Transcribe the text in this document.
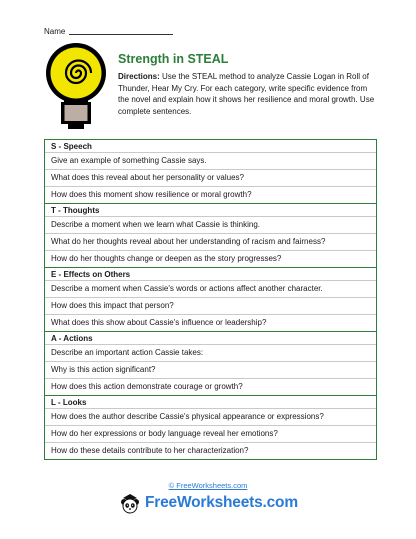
Name
Strength in STEAL
Directions: Use the STEAL method to analyze Cassie Logan in Roll of Thunder, Hear My Cry. For each category, write specific evidence from the novel and explain how it shows her resilience and moral growth. Use complete sentences.
S - Speech
Give an example of something Cassie says.
What does this reveal about her personality or values?
How does this moment show resilience or moral growth?
T - Thoughts
Describe a moment when we learn what Cassie is thinking.
What do her thoughts reveal about her understanding of racism and fairness?
How do her thoughts change or deepen as the story progresses?
E - Effects on Others
Describe a moment when Cassie's words or actions affect another character.
How does this impact that person?
What does this show about Cassie's influence or leadership?
A - Actions
Describe an important action Cassie takes:
Why is this action significant?
How does this action demonstrate courage or growth?
L - Looks
How does the author describe Cassie's physical appearance or expressions?
How do her expressions or body language reveal her emotions?
How do these details contribute to her characterization?
© FreeWorksheets.com
FreeWorksheets.com
